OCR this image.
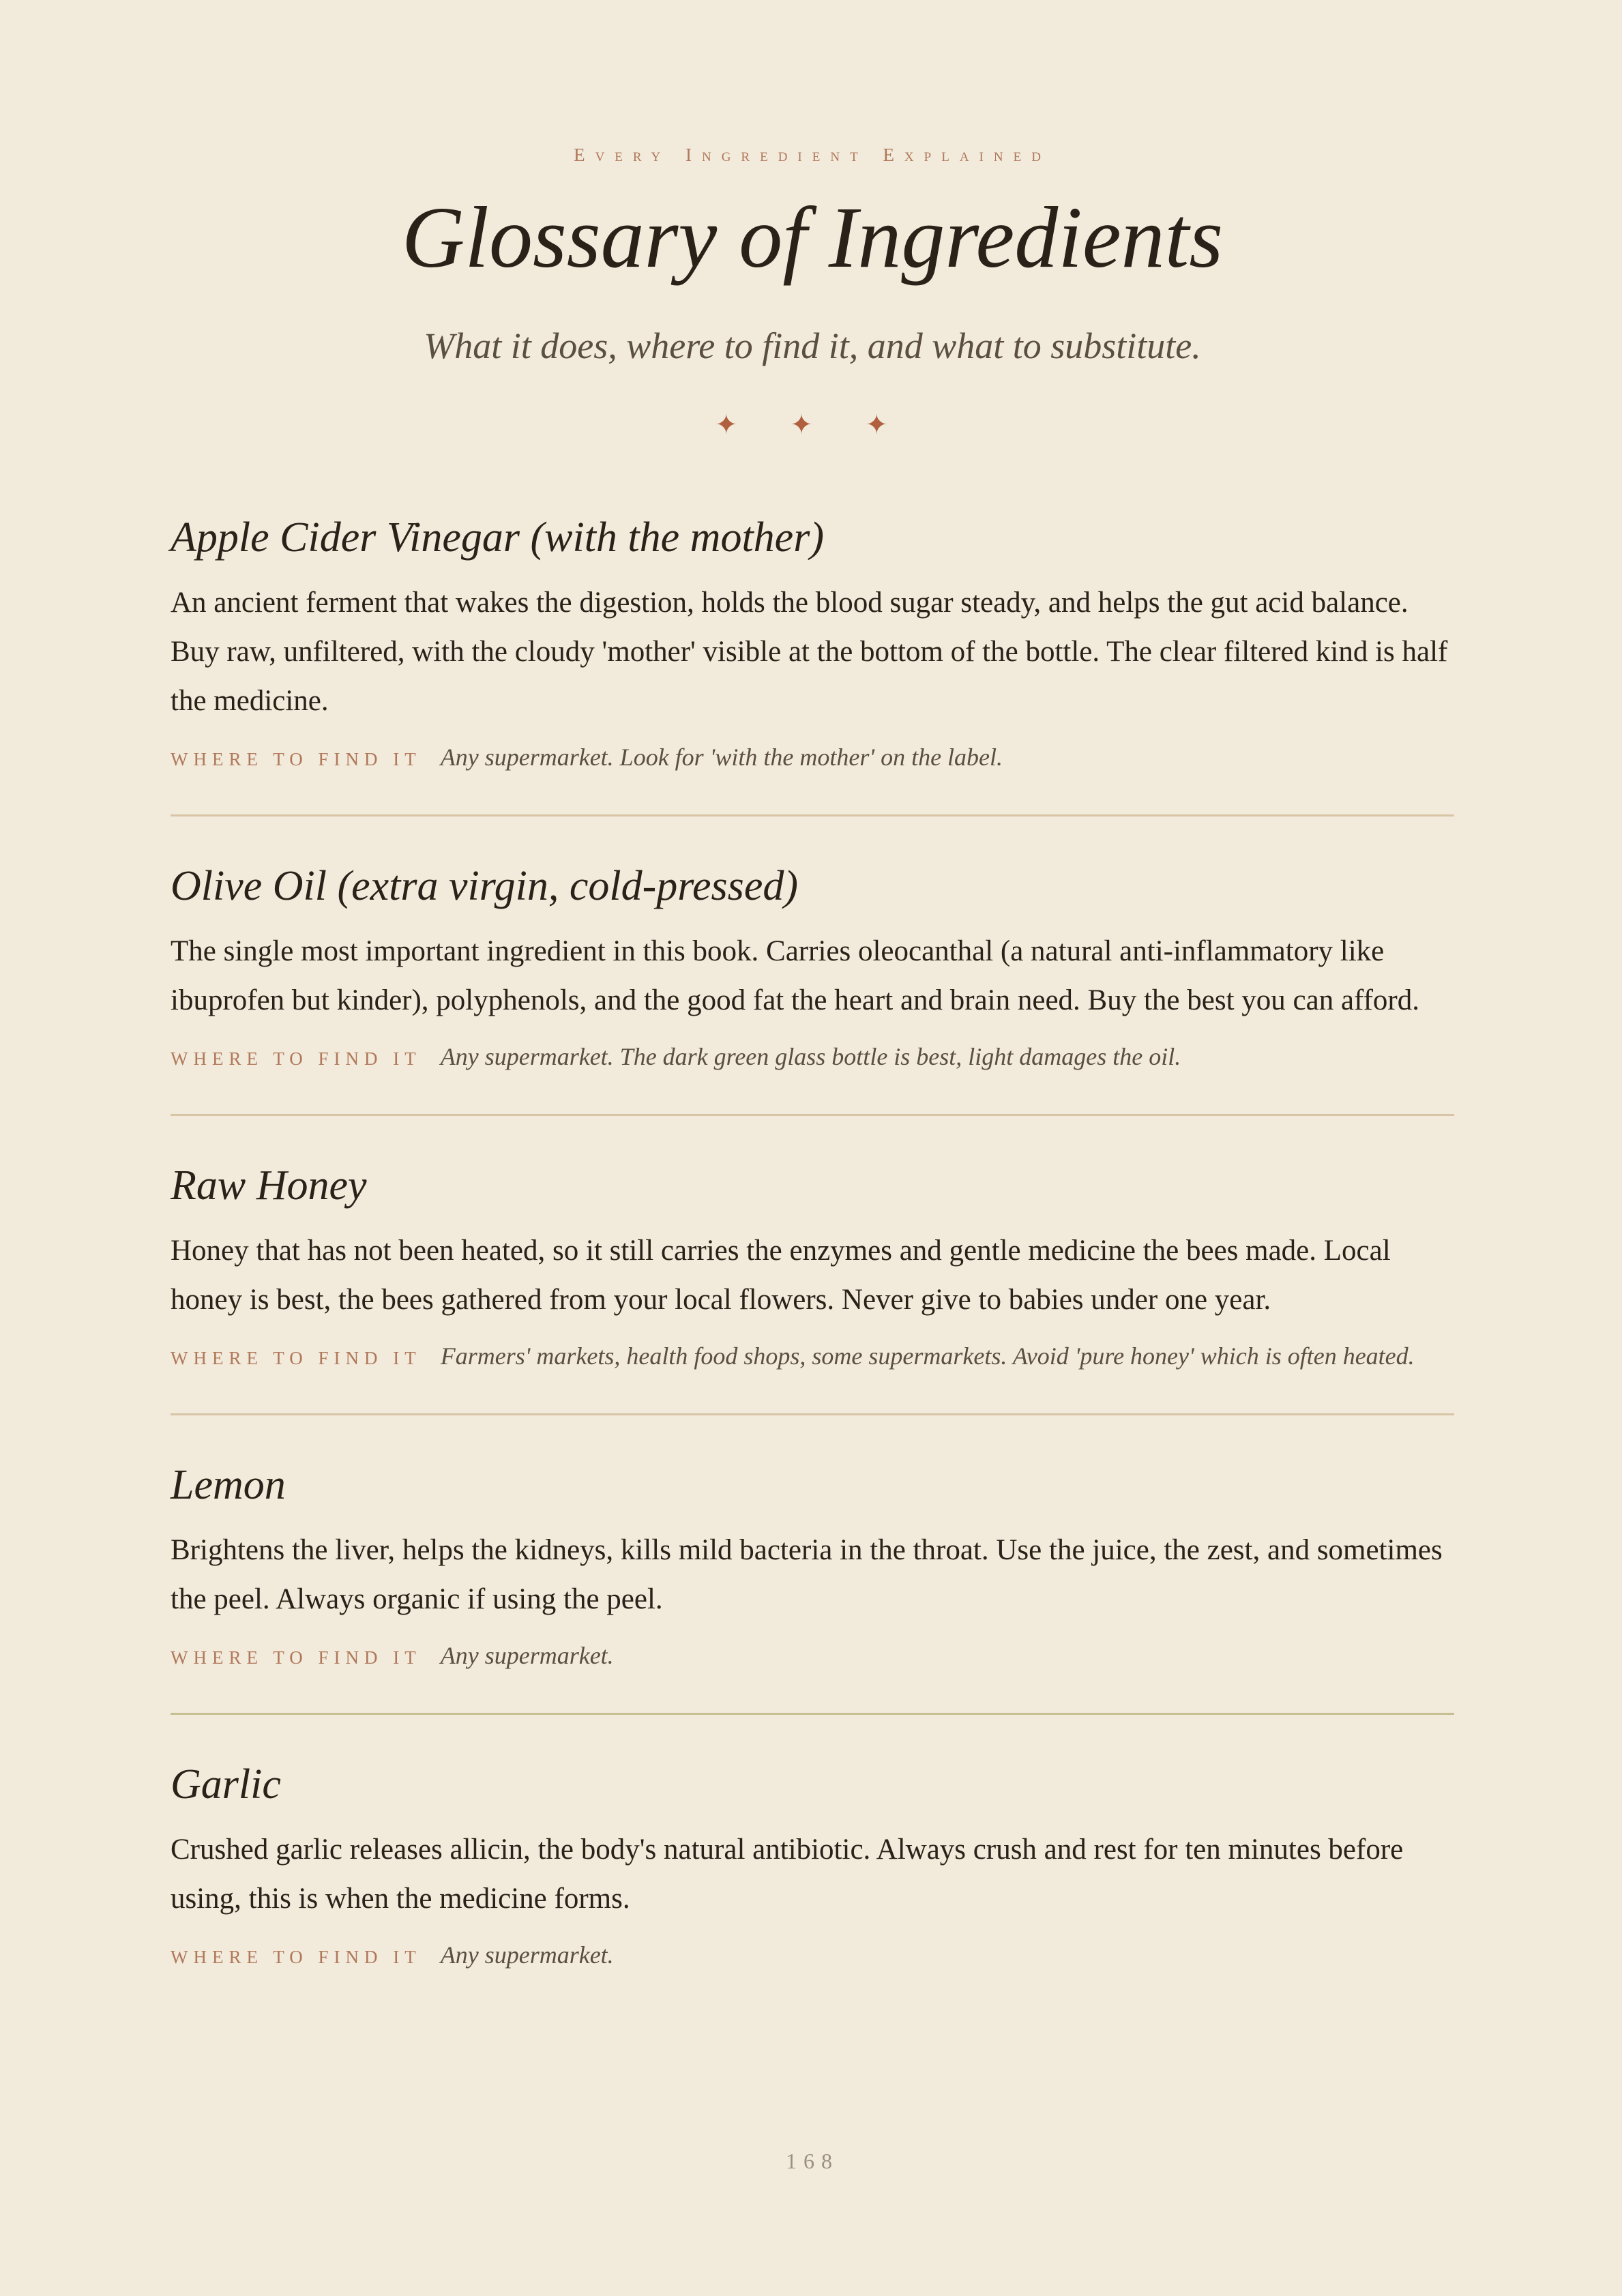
Every Ingredient Explained
Glossary of Ingredients
What it does, where to find it, and what to substitute.
✦ ✦ ✦
Apple Cider Vinegar (with the mother)

An ancient ferment that wakes the digestion, holds the blood sugar steady, and helps the gut acid balance. Buy raw, unfiltered, with the cloudy 'mother' visible at the bottom of the bottle. The clear filtered kind is half the medicine.

WHERE TO FIND IT Any supermarket. Look for 'with the mother' on the label.
Olive Oil (extra virgin, cold-pressed)

The single most important ingredient in this book. Carries oleocanthal (a natural anti-inflammatory like ibuprofen but kinder), polyphenols, and the good fat the heart and brain need. Buy the best you can afford.

WHERE TO FIND IT Any supermarket. The dark green glass bottle is best, light damages the oil.
Raw Honey

Honey that has not been heated, so it still carries the enzymes and gentle medicine the bees made. Local honey is best, the bees gathered from your local flowers. Never give to babies under one year.

WHERE TO FIND IT Farmers' markets, health food shops, some supermarkets. Avoid 'pure honey' which is often heated.
Lemon

Brightens the liver, helps the kidneys, kills mild bacteria in the throat. Use the juice, the zest, and sometimes the peel. Always organic if using the peel.

WHERE TO FIND IT Any supermarket.
Garlic

Crushed garlic releases allicin, the body's natural antibiotic. Always crush and rest for ten minutes before using, this is when the medicine forms.

WHERE TO FIND IT Any supermarket.
168
